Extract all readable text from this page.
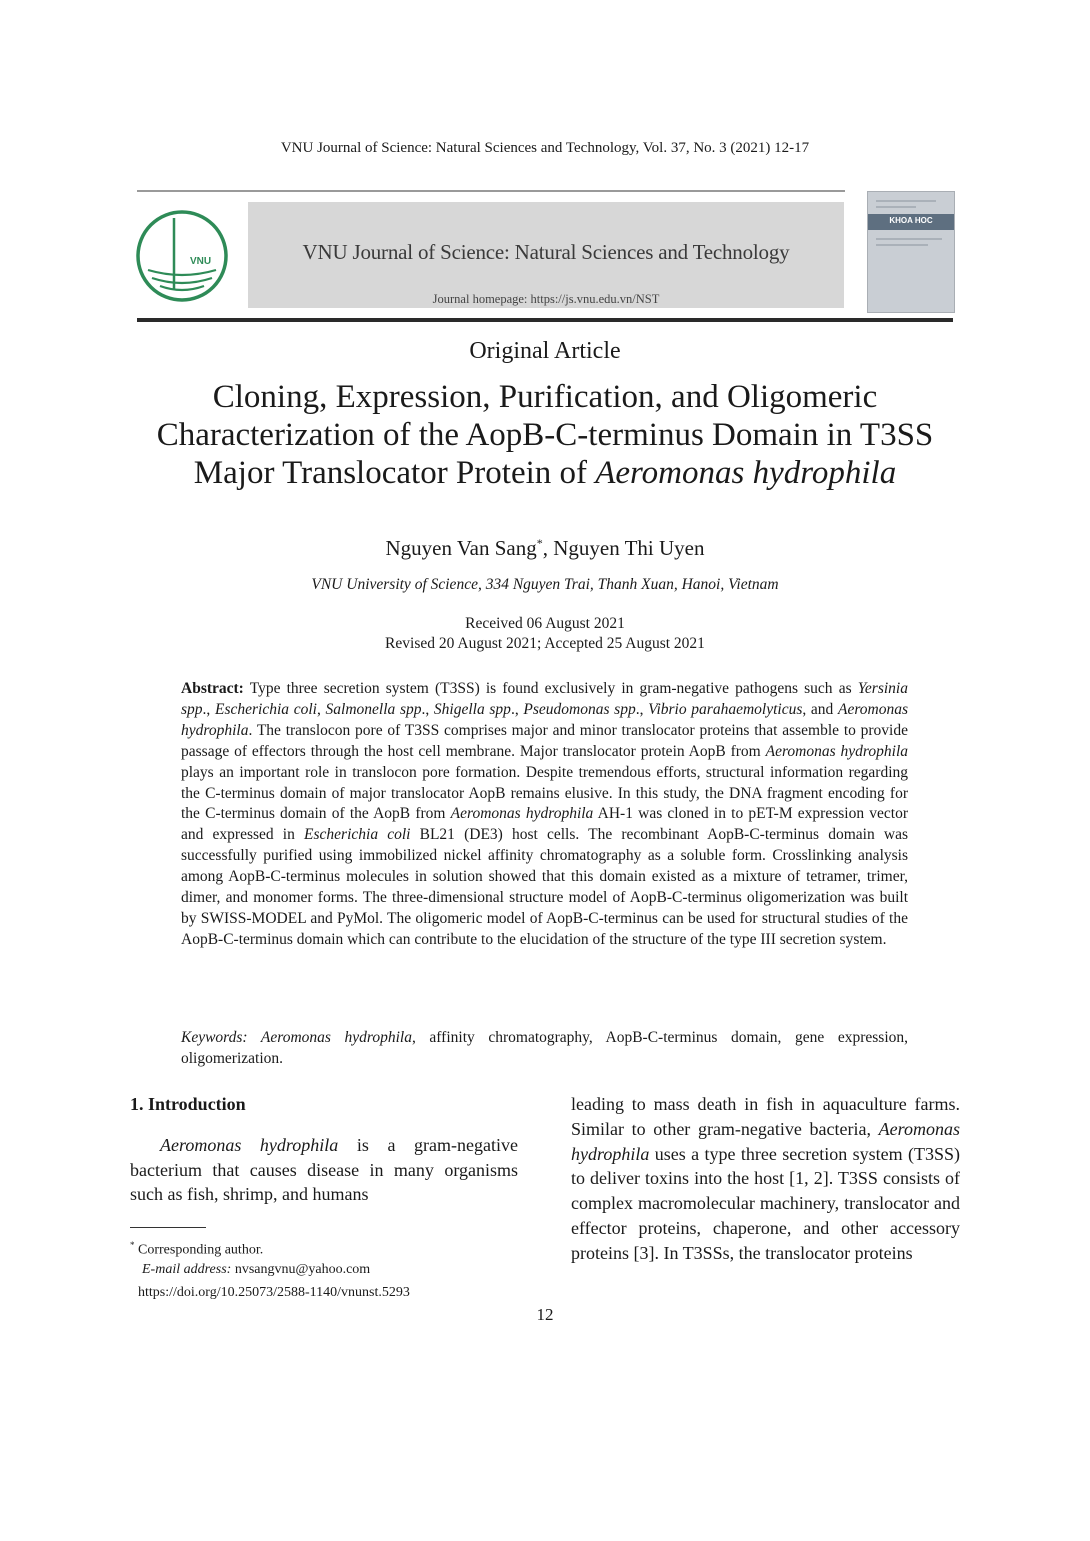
VNU Journal of Science: Natural Sciences and Technology, Vol. 37, No. 3 (2021) 12-17
VNU	VNU Journal of Science: Natural Sciences and Technology
Journal homepage: https://js.vnu.edu.vn/NST
KHOA HOC
Original Article
Cloning, Expression, Purification, and Oligomeric
Characterization of the AopB-C-terminus Domain in T3SS
Major Translocator Protein of Aeromonas hydrophila
Nguyen Van Sang*, Nguyen Thi Uyen
VNU University of Science, 334 Nguyen Trai, Thanh Xuan, Hanoi, Vietnam
Received 06 August 2021
Revised 20 August 2021; Accepted 25 August 2021
Abstract: Type three secretion system (T3SS) is found exclusively in gram-negative pathogens such as Yersinia spp., Escherichia coli, Salmonella spp., Shigella spp., Pseudomonas spp., Vibrio parahaemolyticus, and Aeromonas hydrophila. The translocon pore of T3SS comprises major and minor translocator proteins that assemble to provide passage of effectors through the host cell membrane. Major translocator protein AopB from Aeromonas hydrophila plays an important role in translocon pore formation. Despite tremendous efforts, structural information regarding the C-terminus domain of major translocator AopB remains elusive. In this study, the DNA fragment encoding for the C-terminus domain of the AopB from Aeromonas hydrophila AH-1 was cloned in to pET-M expression vector and expressed in Escherichia coli BL21 (DE3) host cells. The recombinant AopB-C-terminus domain was successfully purified using immobilized nickel affinity chromatography as a soluble form. Crosslinking analysis among AopB-C-terminus molecules in solution showed that this domain existed as a mixture of tetramer, trimer, dimer, and monomer forms. The three-dimensional structure model of AopB-C-terminus oligomerization was built by SWISS-MODEL and PyMol. The oligomeric model of AopB-C-terminus can be used for structural studies of the AopB-C-terminus domain which can contribute to the elucidation of the structure of the type III secretion system.
Keywords: Aeromonas hydrophila, affinity chromatography, AopB-C-terminus domain, gene expression, oligomerization.
1. Introduction

Aeromonas hydrophila is a gram-negative bacterium that causes disease in many organisms such as fish, shrimp, and humans

* Corresponding author.
E-mail address: nvsangvnu@yahoo.com
https://doi.org/10.25073/2588-1140/vnunst.5293

leading to mass death in fish in aquaculture farms. Similar to other gram-negative bacteria, Aeromonas hydrophila uses a type three secretion system (T3SS) to deliver toxins into the host [1, 2]. T3SS consists of complex macromolecular machinery, translocator and effector proteins, chaperone, and other accessory proteins [3]. In T3SSs, the translocator proteins

12
